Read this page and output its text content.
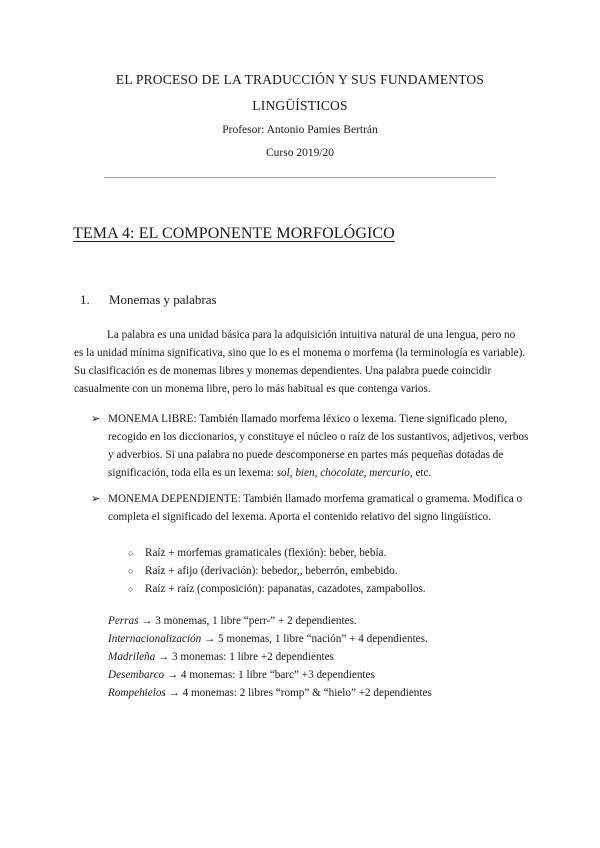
EL PROCESO DE LA TRADUCCIÓN Y SUS FUNDAMENTOS
LINGÜÍSTICOS
Profesor: Antonio Pamies Bertrán
Curso 2019/20
TEMA 4: EL COMPONENTE MORFOLÓGICO
1. Monemas y palabras

La palabra es una unidad básica para la adquisición intuitiva natural de una lengua, pero no es la unidad mínima significativa, sino que lo es el monema o morfema (la terminología es variable). Su clasificación es de monemas libres y monemas dependientes. Una palabra puede coincidir casualmente con un monema libre, pero lo más habitual es que contenga varios.

➢ MONEMA LIBRE: También llamado morfema léxico o lexema. Tiene significado pleno, recogido en los diccionarios, y constituye el núcleo o raíz de los sustantivos, adjetivos, verbos y adverbios. Si una palabra no puede descomponerse en partes más pequeñas dotadas de significación, toda ella es un lexema: sol, bien, chocolate, mercurio, etc.

➢ MONEMA DEPENDIENTE: También llamado morfema gramatical o gramema. Modifica o completa el significado del lexema. Aporta el contenido relativo del signo lingüístico.

○ Raíz + morfemas gramaticales (flexión): beber, bebía.
○ Raíz + afijo (derivación): bebedor,, beberrón, embebido.
○ Raíz + raíz (composición): papanatas, cazadotes, zampabollos.
Perras → 3 monemas, 1 libre “perr-” + 2 dependientes.
Internacionalización → 5 monemas, 1 libre “nación” + 4 dependientes.
Madrileña → 3 monemas: 1 libre +2 dependientes
Desembarco → 4 monemas: 1 libre “barc” +3 dependientes
Rompehielos → 4 monemas: 2 libres “romp” & “hielo” +2 dependientes
